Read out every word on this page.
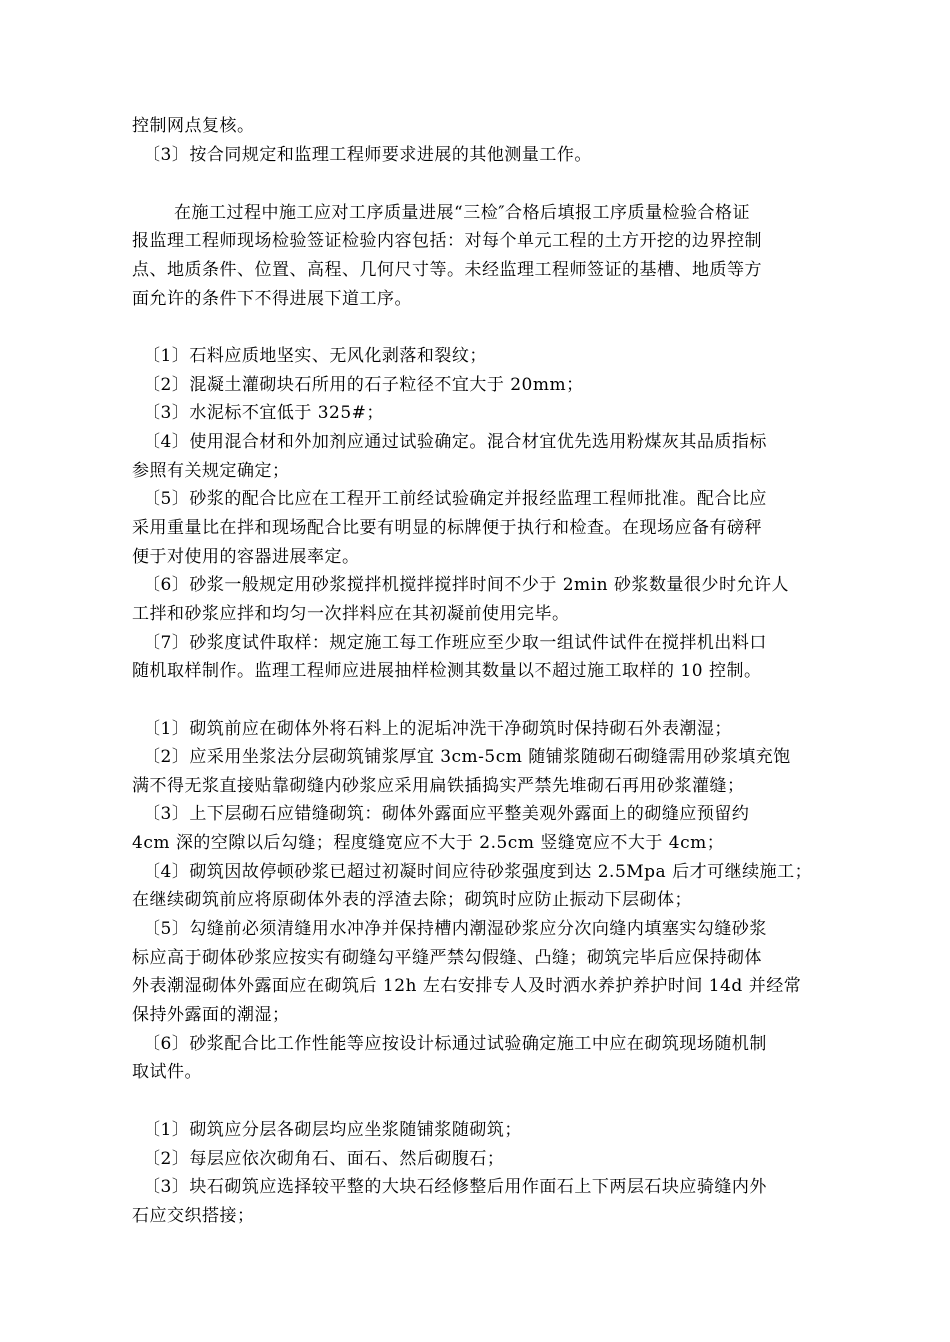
控制网点复核。
〔3〕按合同规定和监理工程师要求进展的其他测量工作。
在施工过程中施工应对工序质量进展“三检″合格后填报工序质量检验合格证
报监理工程师现场检验签证检验内容包括：对每个单元工程的土方开挖的边界控制
点、地质条件、位置、高程、几何尺寸等。未经监理工程师签证的基槽、地质等方
面允许的条件下不得进展下道工序。
〔1〕石料应质地坚实、无风化剥落和裂纹；
〔2〕混凝土灌砌块石所用的石子粒径不宜大于 20mm；
〔3〕水泥标不宜低于 325#；
〔4〕使用混合材和外加剂应通过试验确定。混合材宜优先选用粉煤灰其品质指标
参照有关规定确定；
〔5〕砂浆的配合比应在工程开工前经试验确定并报经监理工程师批准。配合比应
采用重量比在拌和现场配合比要有明显的标牌便于执行和检查。在现场应备有磅秤
便于对使用的容器进展率定。
〔6〕砂浆一般规定用砂浆搅拌机搅拌搅拌时间不少于 2min 砂浆数量很少时允许人
工拌和砂浆应拌和均匀一次拌料应在其初凝前使用完毕。
〔7〕砂浆度试件取样：规定施工每工作班应至少取一组试件试件在搅拌机出料口
随机取样制作。监理工程师应进展抽样检测其数量以不超过施工取样的 10 控制。
〔1〕砌筑前应在砌体外将石料上的泥垢冲洗干净砌筑时保持砌石外表潮湿；
〔2〕应采用坐浆法分层砌筑铺浆厚宜 3cm-5cm 随铺浆随砌石砌缝需用砂浆填充饱
满不得无浆直接贴靠砌缝内砂浆应采用扁铁插捣实严禁先堆砌石再用砂浆灌缝；
〔3〕上下层砌石应错缝砌筑：砌体外露面应平整美观外露面上的砌缝应预留约
4cm 深的空隙以后勾缝；程度缝宽应不大于 2.5cm 竖缝宽应不大于 4cm；
〔4〕砌筑因故停顿砂浆已超过初凝时间应待砂浆强度到达 2.5Mpa 后才可继续施工；
在继续砌筑前应将原砌体外表的浮渣去除；砌筑时应防止振动下层砌体；
〔5〕勾缝前必须清缝用水冲净并保持槽内潮湿砂浆应分次向缝内填塞实勾缝砂浆
标应高于砌体砂浆应按实有砌缝勾平缝严禁勾假缝、凸缝；砌筑完毕后应保持砌体
外表潮湿砌体外露面应在砌筑后 12h 左右安排专人及时洒水养护养护时间 14d 并经常
保持外露面的潮湿；
〔6〕砂浆配合比工作性能等应按设计标通过试验确定施工中应在砌筑现场随机制
取试件。
〔1〕砌筑应分层各砌层均应坐浆随铺浆随砌筑；
〔2〕每层应依次砌角石、面石、然后砌腹石；
〔3〕块石砌筑应选择较平整的大块石经修整后用作面石上下两层石块应骑缝内外
石应交织搭接；
